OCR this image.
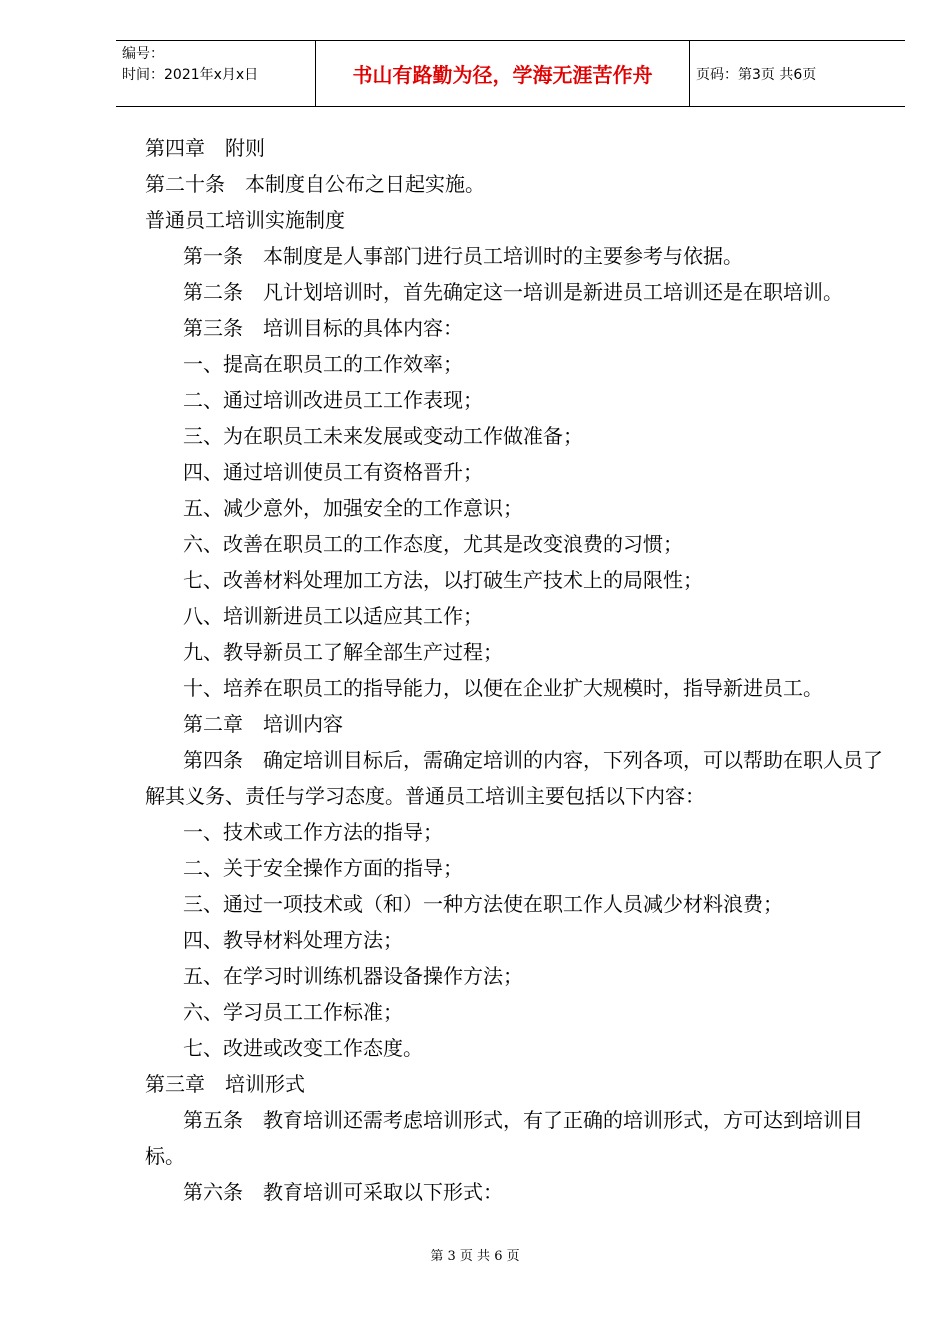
编号：
时间：2021年x月x日	书山有路勤为径，学海无涯苦作舟	页码：第3页 共6页

第四章　附则

第二十条　本制度自公布之日起实施。

普通员工培训实施制度

第一条　本制度是人事部门进行员工培训时的主要参考与依据。

第二条　凡计划培训时，首先确定这一培训是新进员工培训还是在职培训。

第三条　培训目标的具体内容：

一、提高在职员工的工作效率；

二、通过培训改进员工工作表现；

三、为在职员工未来发展或变动工作做准备；

四、通过培训使员工有资格晋升；

五、减少意外，加强安全的工作意识；

六、改善在职员工的工作态度，尤其是改变浪费的习惯；

七、改善材料处理加工方法，以打破生产技术上的局限性；

八、培训新进员工以适应其工作；

九、教导新员工了解全部生产过程；

十、培养在职员工的指导能力，以便在企业扩大规模时，指导新进员工。

第二章　培训内容

第四条　确定培训目标后，需确定培训的内容，下列各项，可以帮助在职人员了解其义务、责任与学习态度。普通员工培训主要包括以下内容：

一、技术或工作方法的指导；

二、关于安全操作方面的指导；

三、通过一项技术或（和）一种方法使在职工作人员减少材料浪费；

四、教导材料处理方法；

五、在学习时训练机器设备操作方法；

六、学习员工工作标准；

七、改进或改变工作态度。

第三章　培训形式

第五条　教育培训还需考虑培训形式，有了正确的培训形式，方可达到培训目标。

第六条　教育培训可采取以下形式：

第 3 页 共 6 页
